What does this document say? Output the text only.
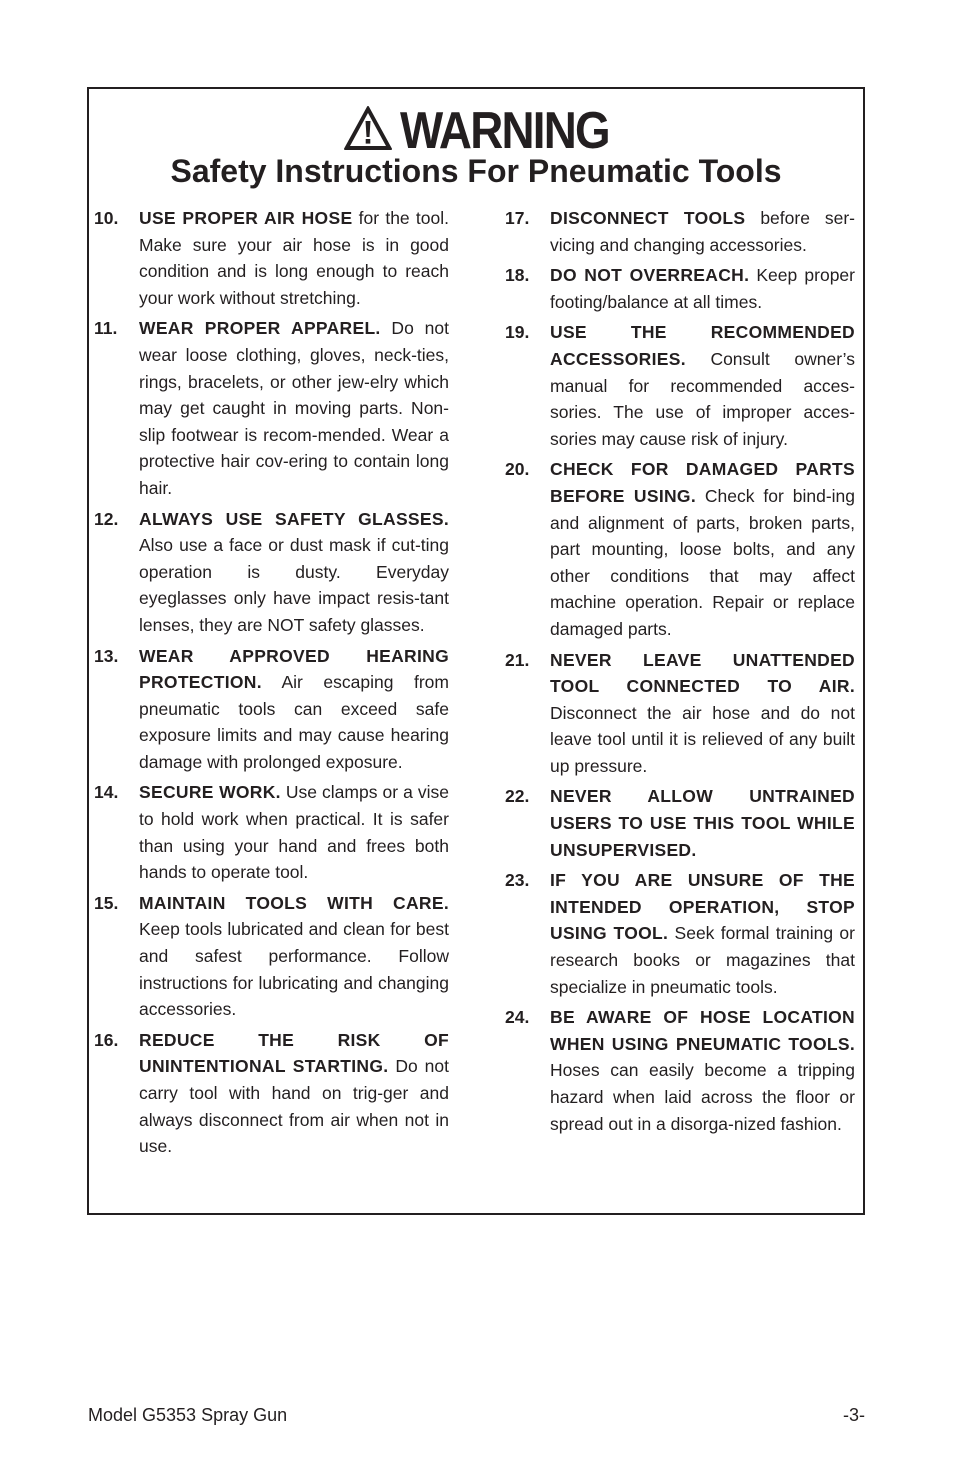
WARNING
Safety Instructions For Pneumatic Tools
10.	USE PROPER AIR HOSE for the tool. Make sure your air hose is in good condition and is long enough to reach your work without stretching.
11.	WEAR PROPER APPAREL. Do not wear loose clothing, gloves, neck-ties, rings, bracelets, or other jew-elry which may get caught in moving parts. Non-slip footwear is recom-mended. Wear a protective hair cov-ering to contain long hair.
12.	ALWAYS USE SAFETY GLASSES. Also use a face or dust mask if cut-ting operation is dusty. Everyday eyeglasses only have impact resis-tant lenses, they are NOT safety glasses.
13.	WEAR APPROVED HEARING PROTECTION. Air escaping from pneumatic tools can exceed safe exposure limits and may cause hearing damage with prolonged exposure.
14.	SECURE WORK. Use clamps or a vise to hold work when practical. It is safer than using your hand and frees both hands to operate tool.
15.	MAINTAIN TOOLS WITH CARE. Keep tools lubricated and clean for best and safest performance. Follow instructions for lubricating and changing accessories.
16.	REDUCE THE RISK OF UNINTENTIONAL STARTING. Do not carry tool with hand on trig-ger and always disconnect from air when not in use.
17.	DISCONNECT TOOLS before ser-vicing and changing accessories.
18.	DO NOT OVERREACH. Keep proper footing/balance at all times.
19.	USE THE RECOMMENDED ACCESSORIES. Consult owner’s manual for recommended acces-sories. The use of improper acces-sories may cause risk of injury.
20.	CHECK FOR DAMAGED PARTS BEFORE USING. Check for bind-ing and alignment of parts, broken parts, part mounting, loose bolts, and any other conditions that may affect machine operation. Repair or replace damaged parts.
21.	NEVER LEAVE UNATTENDED TOOL CONNECTED TO AIR. Disconnect the air hose and do not leave tool until it is relieved of any built up pressure.
22.	NEVER ALLOW UNTRAINED USERS TO USE THIS TOOL WHILE UNSUPERVISED.
23.	IF YOU ARE UNSURE OF THE INTENDED OPERATION, STOP USING TOOL. Seek formal training or research books or magazines that specialize in pneumatic tools.
24.	BE AWARE OF HOSE LOCATION WHEN USING PNEUMATIC TOOLS. Hoses can easily become a tripping hazard when laid across the floor or spread out in a disorga-nized fashion.
Model G5353 Spray Gun	-3-
